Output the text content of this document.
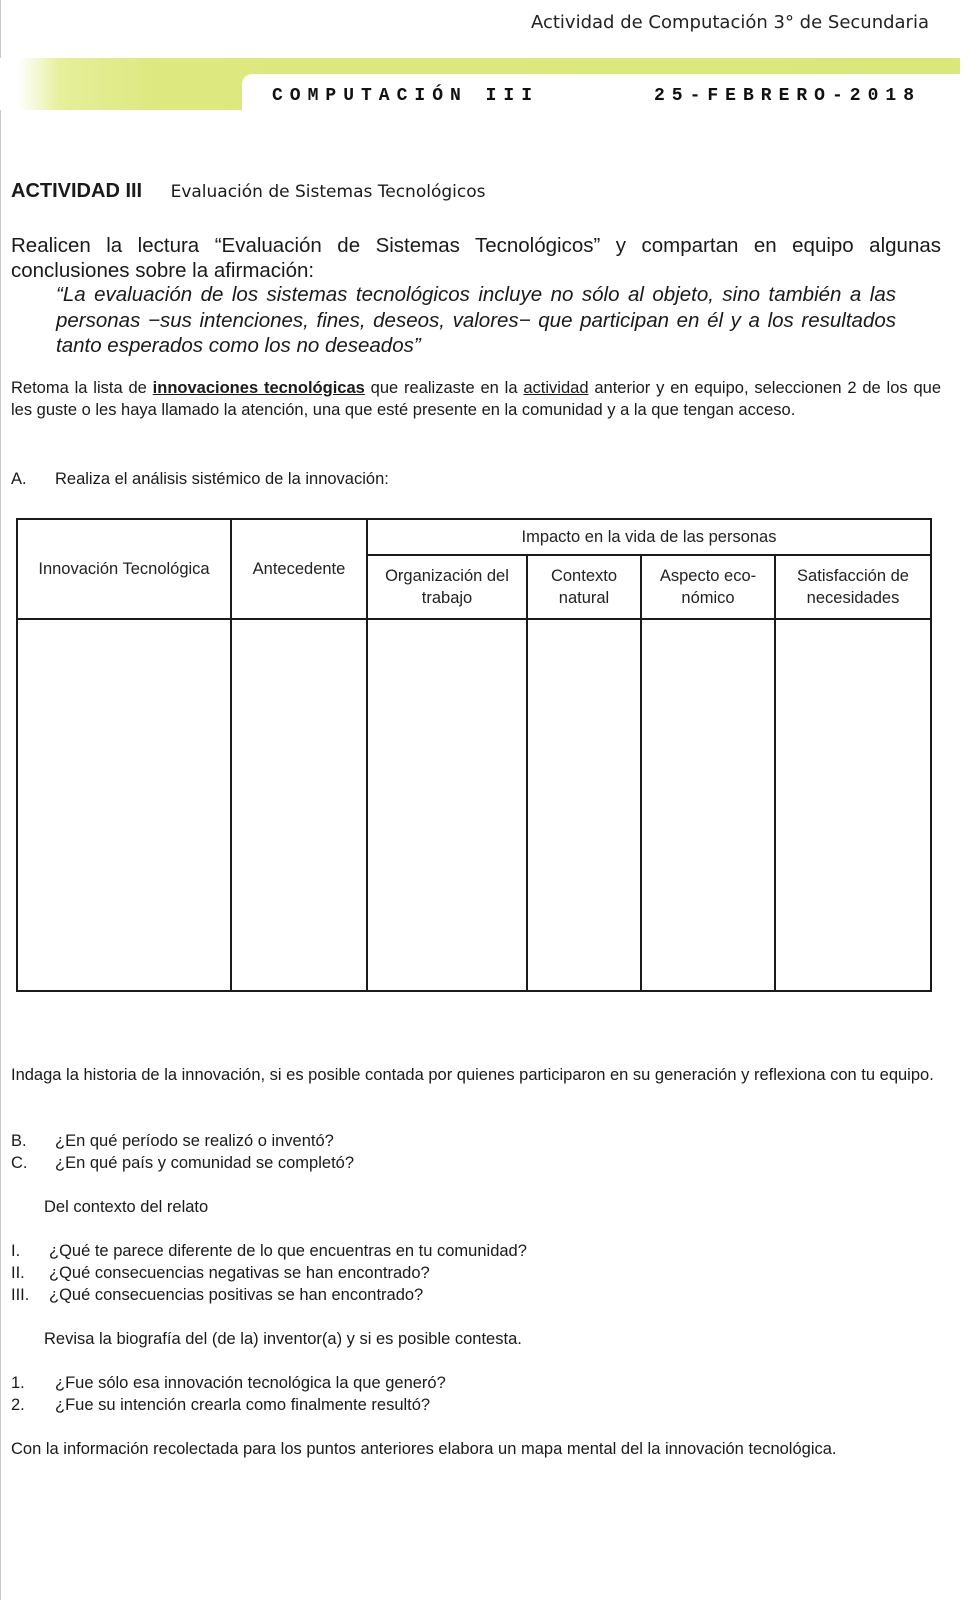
Actividad de Computación 3° de Secundaria
COMPUTACIÓN III	25-FEBRERO-2018
ACTIVIDAD III Evaluación de Sistemas Tecnológicos
Realicen la lectura “Evaluación de Sistemas Tecnológicos” y compartan en equipo algunas conclusiones sobre la afirmación:
“La evaluación de los sistemas tecnológicos incluye no sólo al objeto, sino también a las personas −sus intenciones, fines, deseos, valores− que participan en él y a los resultados tanto esperados como los no deseados”
Retoma la lista de innovaciones tecnológicas que realizaste en la actividad anterior y en equipo, seleccionen 2 de los que les guste o les haya llamado la atención, una que esté presente en la comunidad y a la que tengan acceso.
A. Realiza el análisis sistémico de la innovación:
Innovación Tecnológica	Antecedente	Impacto en la vida de las personas			
		Organización del trabajo	Contexto natural	Aspecto eco- nómico	Satisfacción de necesidades

Indaga la historia de la innovación, si es posible contada por quienes participaron en su generación y reflexiona con tu equipo.
B. ¿En qué período se realizó o inventó?
C. ¿En qué país y comunidad se completó?
Del contexto del relato
I. ¿Qué te parece diferente de lo que encuentras en tu comunidad?
II. ¿Qué consecuencias negativas se han encontrado?
III. ¿Qué consecuencias positivas se han encontrado?
Revisa la biografía del (de la) inventor(a) y si es posible contesta.
1. ¿Fue sólo esa innovación tecnológica la que generó?
2. ¿Fue su intención crearla como finalmente resultó?
Con la información recolectada para los puntos anteriores elabora un mapa mental del la innovación tecnológica.
